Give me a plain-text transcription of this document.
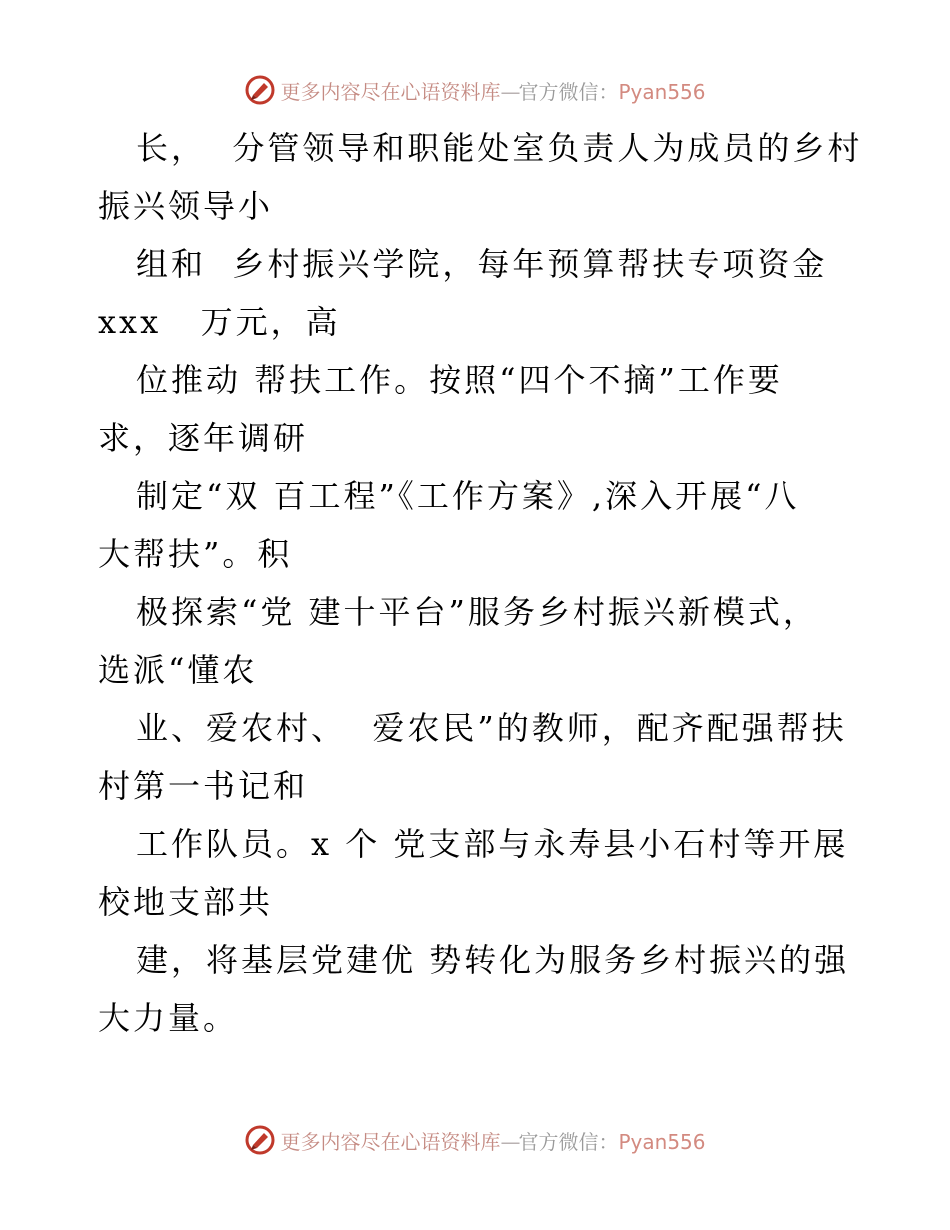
更多内容尽在心语资料库—官方微信：Pyan556

长，  分管领导和职能处室负责人为成员的乡村

振兴领导小

组和  乡村振兴学院，每年预算帮扶专项资金

xxx   万元，高

位推动 帮扶工作。按照“四个不摘”工作要

求，逐年调研

制定“双 百工程”《工作方案》,深入开展“八

大帮扶”。积

极探索“党 建十平台”服务乡村振兴新模式，

选派“懂农

业、爱农村、  爱农民”的教师，配齐配强帮扶

村第一书记和

工作队员。x 个 党支部与永寿县小石村等开展

校地支部共

建，将基层党建优 势转化为服务乡村振兴的强

大力量。

更多内容尽在心语资料库—官方微信：Pyan556
